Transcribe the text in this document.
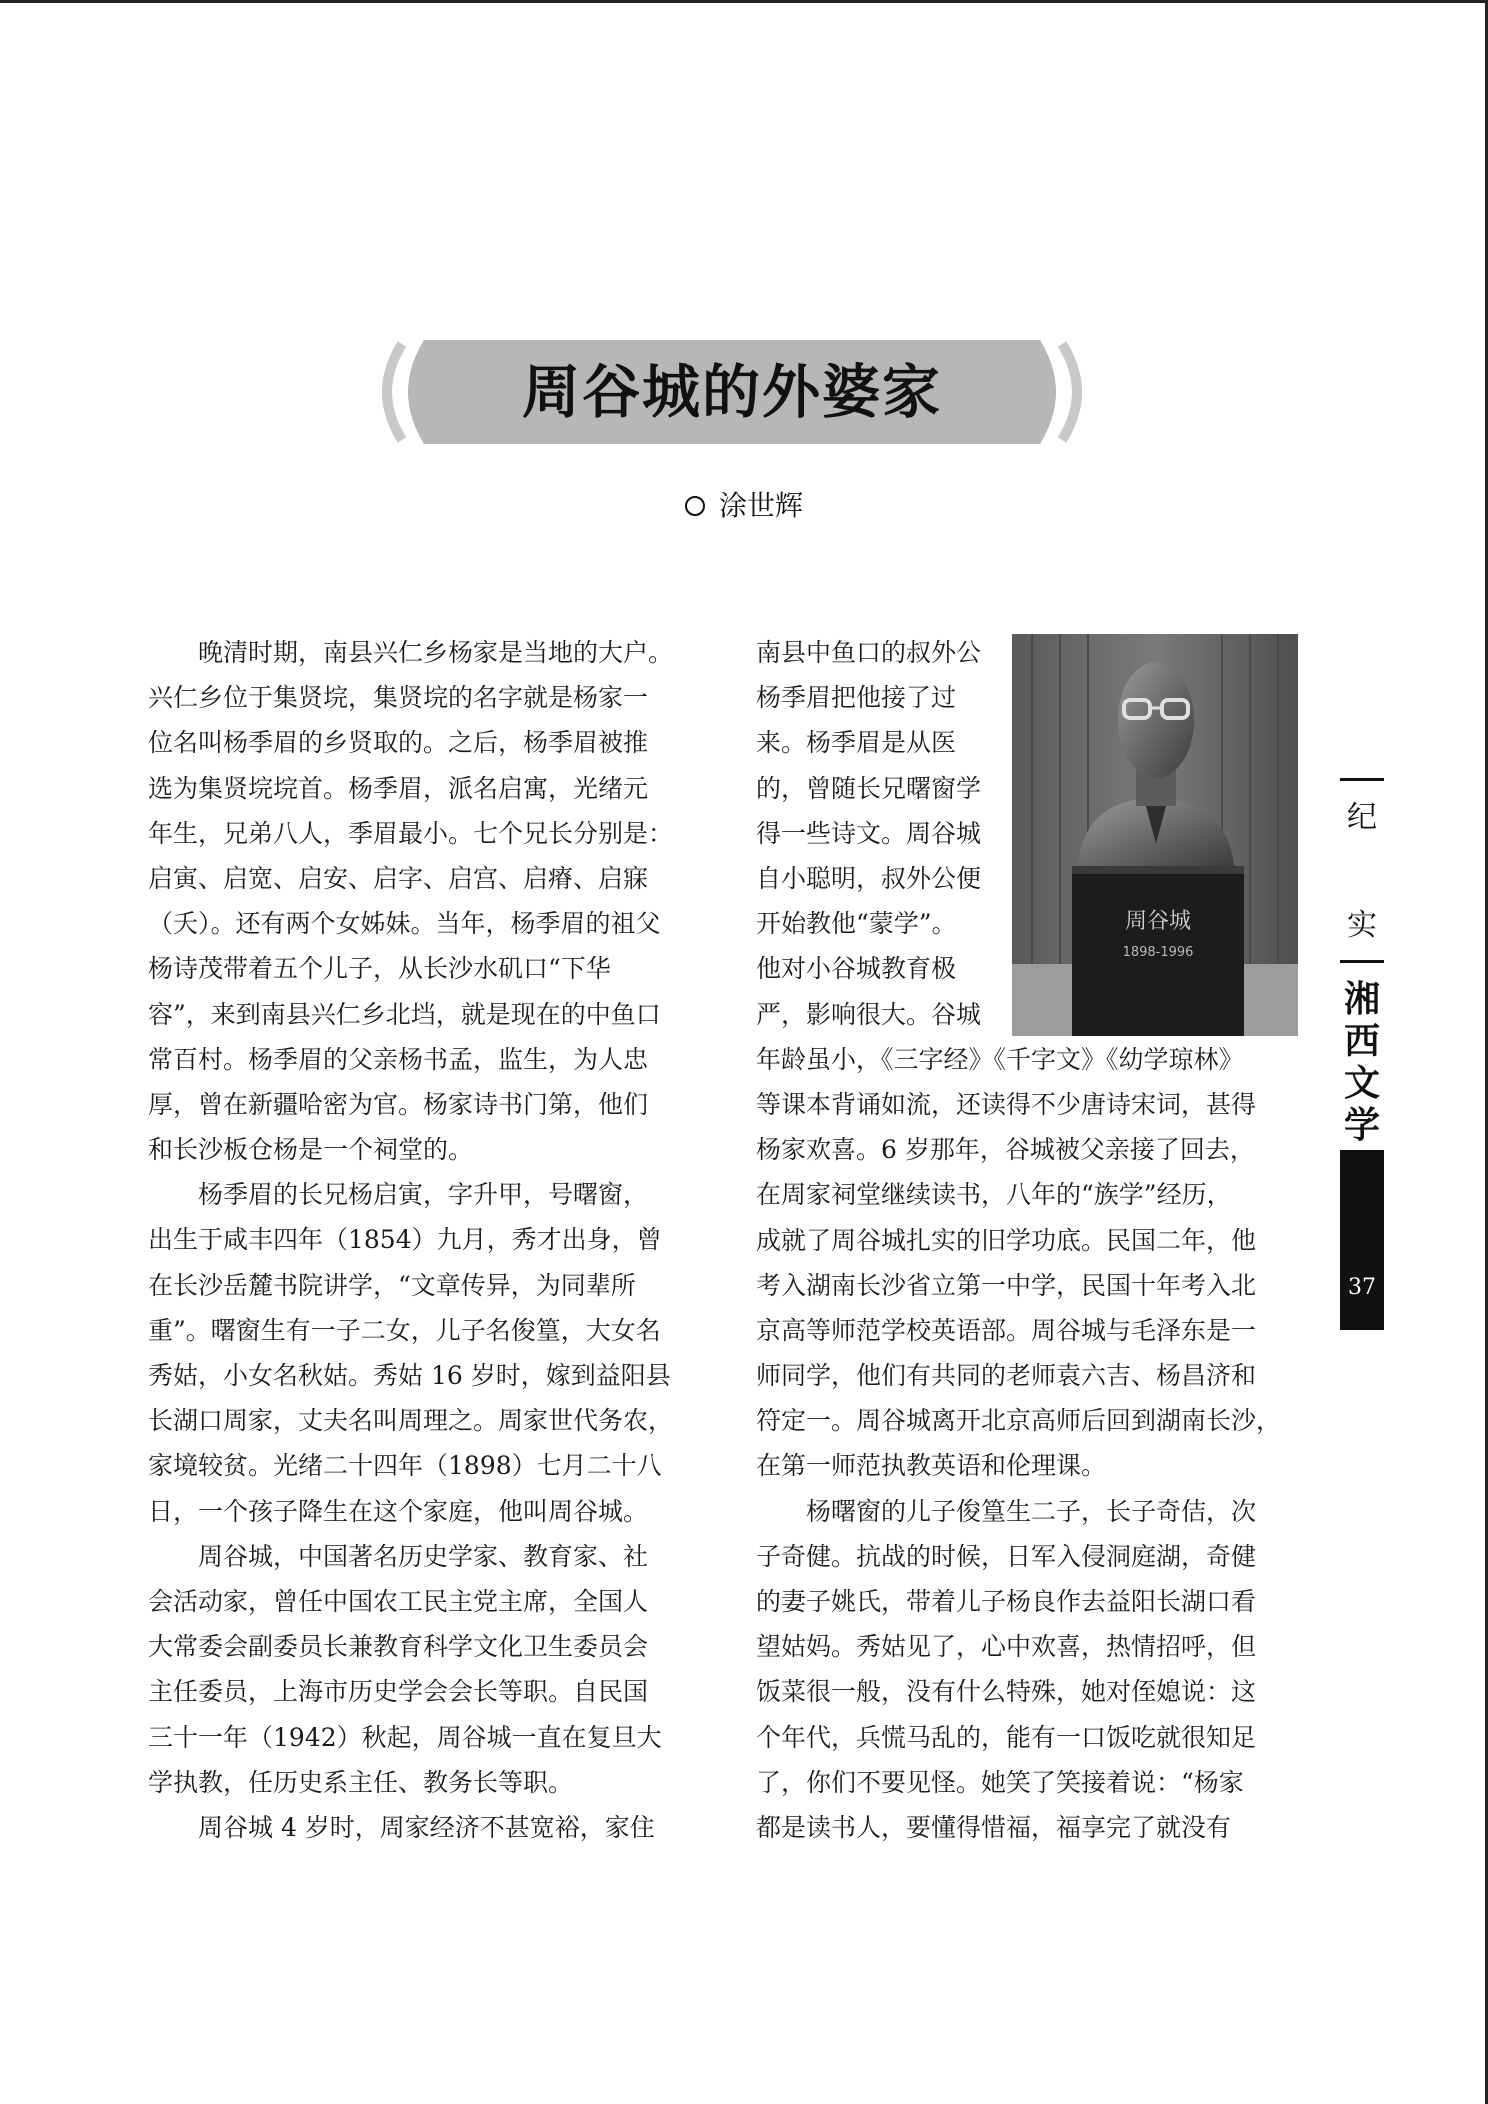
周谷城的外婆家
涂世辉
　　晚清时期，南县兴仁乡杨家是当地的大户。
兴仁乡位于集贤垸，集贤垸的名字就是杨家一
位名叫杨季眉的乡贤取的。之后，杨季眉被推
选为集贤垸垸首。杨季眉，派名启寓，光绪元
年生，兄弟八人，季眉最小。七个兄长分别是：
启寅、启宽、启安、启字、启宫、启瘠、启寐
（夭）。还有两个女姊妹。当年，杨季眉的祖父
杨诗茂带着五个儿子，从长沙水矶口“下华
容”，来到南县兴仁乡北垱，就是现在的中鱼口
常百村。杨季眉的父亲杨书孟，监生，为人忠
厚，曾在新疆哈密为官。杨家诗书门第，他们
和长沙板仓杨是一个祠堂的。
　　杨季眉的长兄杨启寅，字升甲，号曙窗，
出生于咸丰四年（1854）九月，秀才出身，曾
在长沙岳麓书院讲学，“文章传异，为同辈所
重”。曙窗生有一子二女，儿子名俊篁，大女名
秀姑，小女名秋姑。秀姑 16 岁时，嫁到益阳县
长湖口周家，丈夫名叫周理之。周家世代务农，
家境较贫。光绪二十四年（1898）七月二十八
日，一个孩子降生在这个家庭，他叫周谷城。
　　周谷城，中国著名历史学家、教育家、社
会活动家，曾任中国农工民主党主席，全国人
大常委会副委员长兼教育科学文化卫生委员会
主任委员，上海市历史学会会长等职。自民国
三十一年（1942）秋起，周谷城一直在复旦大
学执教，任历史系主任、教务长等职。
　　周谷城 4 岁时，周家经济不甚宽裕，家住
南县中鱼口的叔外公
杨季眉把他接了过
来。杨季眉是从医
的，曾随长兄曙窗学
得一些诗文。周谷城
自小聪明，叔外公便
开始教他“蒙学”。
他对小谷城教育极
严，影响很大。谷城
年龄虽小，《三字经》《千字文》《幼学琼林》
等课本背诵如流，还读得不少唐诗宋词，甚得
杨家欢喜。6 岁那年，谷城被父亲接了回去，
在周家祠堂继续读书，八年的“族学”经历，
成就了周谷城扎实的旧学功底。民国二年，他
考入湖南长沙省立第一中学，民国十年考入北
京高等师范学校英语部。周谷城与毛泽东是一
师同学，他们有共同的老师袁六吉、杨昌济和
符定一。周谷城离开北京高师后回到湖南长沙，
在第一师范执教英语和伦理课。
　　杨曙窗的儿子俊篁生二子，长子奇佶，次
子奇健。抗战的时候，日军入侵洞庭湖，奇健
的妻子姚氏，带着儿子杨良作去益阳长湖口看
望姑妈。秀姑见了，心中欢喜，热情招呼，但
饭菜很一般，没有什么特殊，她对侄媳说：这
个年代，兵慌马乱的，能有一口饭吃就很知足
了，你们不要见怪。她笑了笑接着说：“杨家
都是读书人，要懂得惜福，福享完了就没有
周谷城
1898-1996
纪
实
湘
西
文
学
37
